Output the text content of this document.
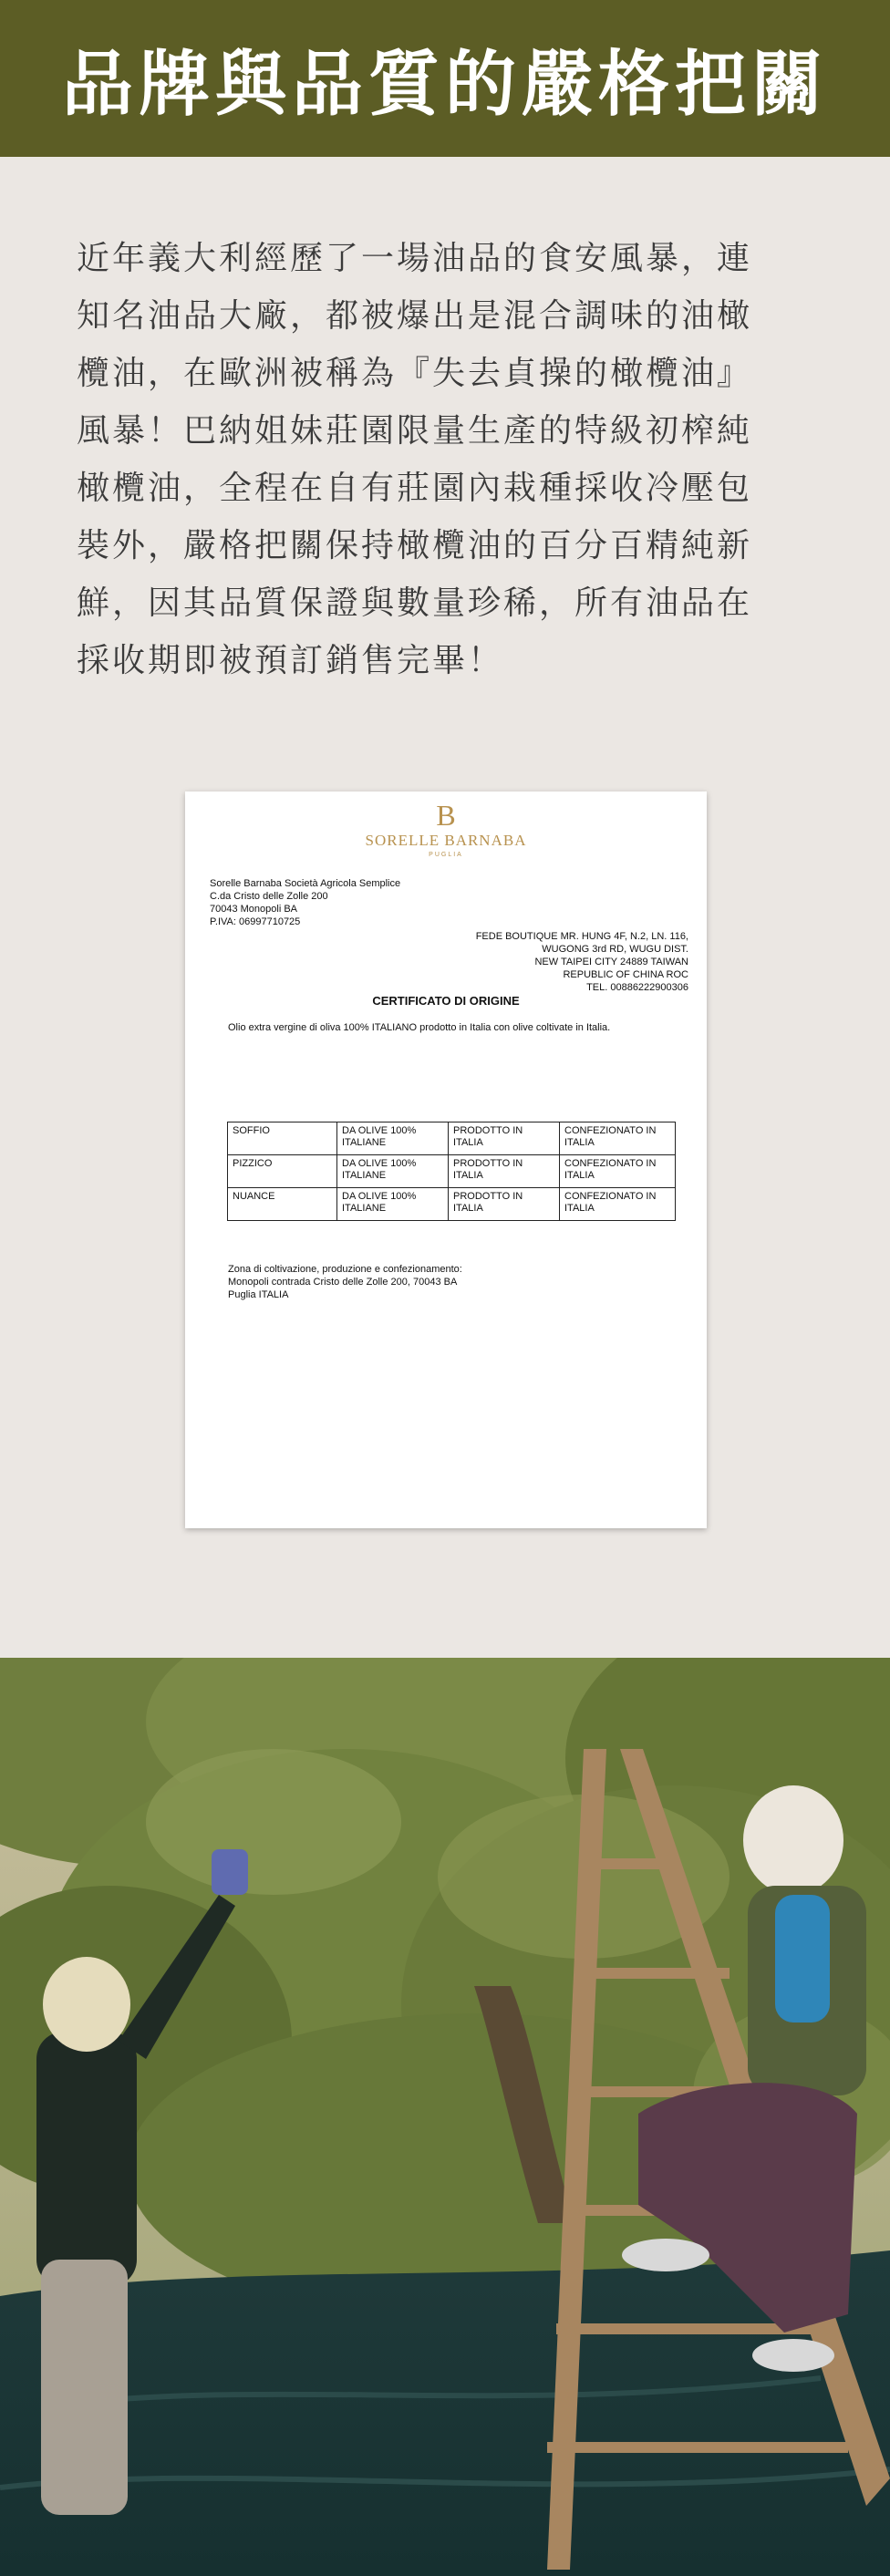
品牌與品質的嚴格把關

近年義大利經歷了一場油品的食安風暴，連
知名油品大廠，都被爆出是混合調味的油橄
欖油，在歐洲被稱為『失去貞操的橄欖油』
風暴！巴納姐妹莊園限量生產的特級初榨純
橄欖油，全程在自有莊園內栽種採收冷壓包
裝外，嚴格把關保持橄欖油的百分百精純新
鮮，因其品質保證與數量珍稀，所有油品在
採收期即被預訂銷售完畢！

B
SORELLE BARNABA
PUGLIA
Sorelle Barnaba Società Agricola Semplice
C.da Cristo delle Zolle 200
70043 Monopoli BA
P.IVA: 06997710725
FEDE BOUTIQUE MR. HUNG 4F, N.2, LN. 116,
WUGONG 3rd RD, WUGU DIST.
NEW TAIPEI CITY 24889 TAIWAN
REPUBLIC OF CHINA ROC
TEL. 00886222900306
CERTIFICATO DI ORIGINE
Olio extra vergine di oliva 100% ITALIANO prodotto in Italia con olive coltivate in Italia.
SOFFIO	DA OLIVE 100% ITALIANE	PRODOTTO IN ITALIA	CONFEZIONATO IN ITALIA
PIZZICO	DA OLIVE 100% ITALIANE	PRODOTTO IN ITALIA	CONFEZIONATO IN ITALIA
NUANCE	DA OLIVE 100% ITALIANE	PRODOTTO IN ITALIA	CONFEZIONATO IN ITALIA
Zona di coltivazione, produzione e confezionamento:
Monopoli contrada Cristo delle Zolle 200, 70043 BA
Puglia ITALIA
